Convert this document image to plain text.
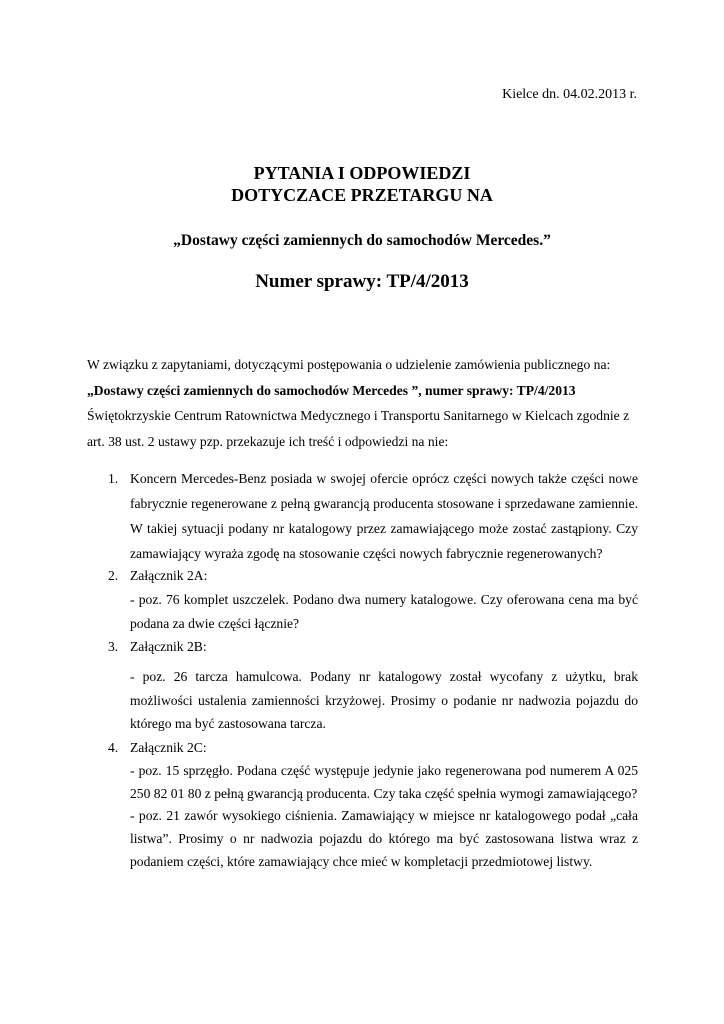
Kielce dn. 04.02.2013 r.
PYTANIA I ODPOWIEDZI
DOTYCZACE PRZETARGU NA
„Dostawy części zamiennych do samochodów Mercedes.”
Numer sprawy: TP/4/2013
W związku z zapytaniami, dotyczącymi postępowania o udzielenie zamówienia publicznego na:
„Dostawy części zamiennych do samochodów Mercedes ”, numer sprawy: TP/4/2013
Świętokrzyskie Centrum Ratownictwa Medycznego i Transportu Sanitarnego w Kielcach zgodnie z
art. 38 ust. 2 ustawy pzp. przekazuje ich treść i odpowiedzi na nie:
1. Koncern Mercedes-Benz posiada w swojej ofercie oprócz części nowych także części nowe
fabrycznie regenerowane z pełną gwarancją producenta stosowane i sprzedawane zamiennie.
W takiej sytuacji podany nr katalogowy przez zamawiającego może zostać zastąpiony. Czy
zamawiający wyraża zgodę na stosowanie części nowych fabrycznie regenerowanych?
2. Załącznik 2A:
- poz. 76 komplet uszczelek. Podano dwa numery katalogowe. Czy oferowana cena ma być
podana za dwie części łącznie?
3. Załącznik 2B:
- poz. 26 tarcza hamulcowa. Podany nr katalogowy został wycofany z użytku, brak
możliwości ustalenia zamienności krzyżowej. Prosimy o podanie nr nadwozia pojazdu do
którego ma być zastosowana tarcza.
4. Załącznik 2C:
- poz. 15 sprzęgło. Podana część występuje jedynie jako regenerowana pod numerem A 025
250 82 01 80 z pełną gwarancją producenta. Czy taka część spełnia wymogi zamawiającego?
- poz. 21 zawór wysokiego ciśnienia. Zamawiający w miejsce nr katalogowego podał „cała
listwa”. Prosimy o nr nadwozia pojazdu do którego ma być zastosowana listwa wraz z
podaniem części, które zamawiający chce mieć w kompletacji przedmiotowej listwy.
